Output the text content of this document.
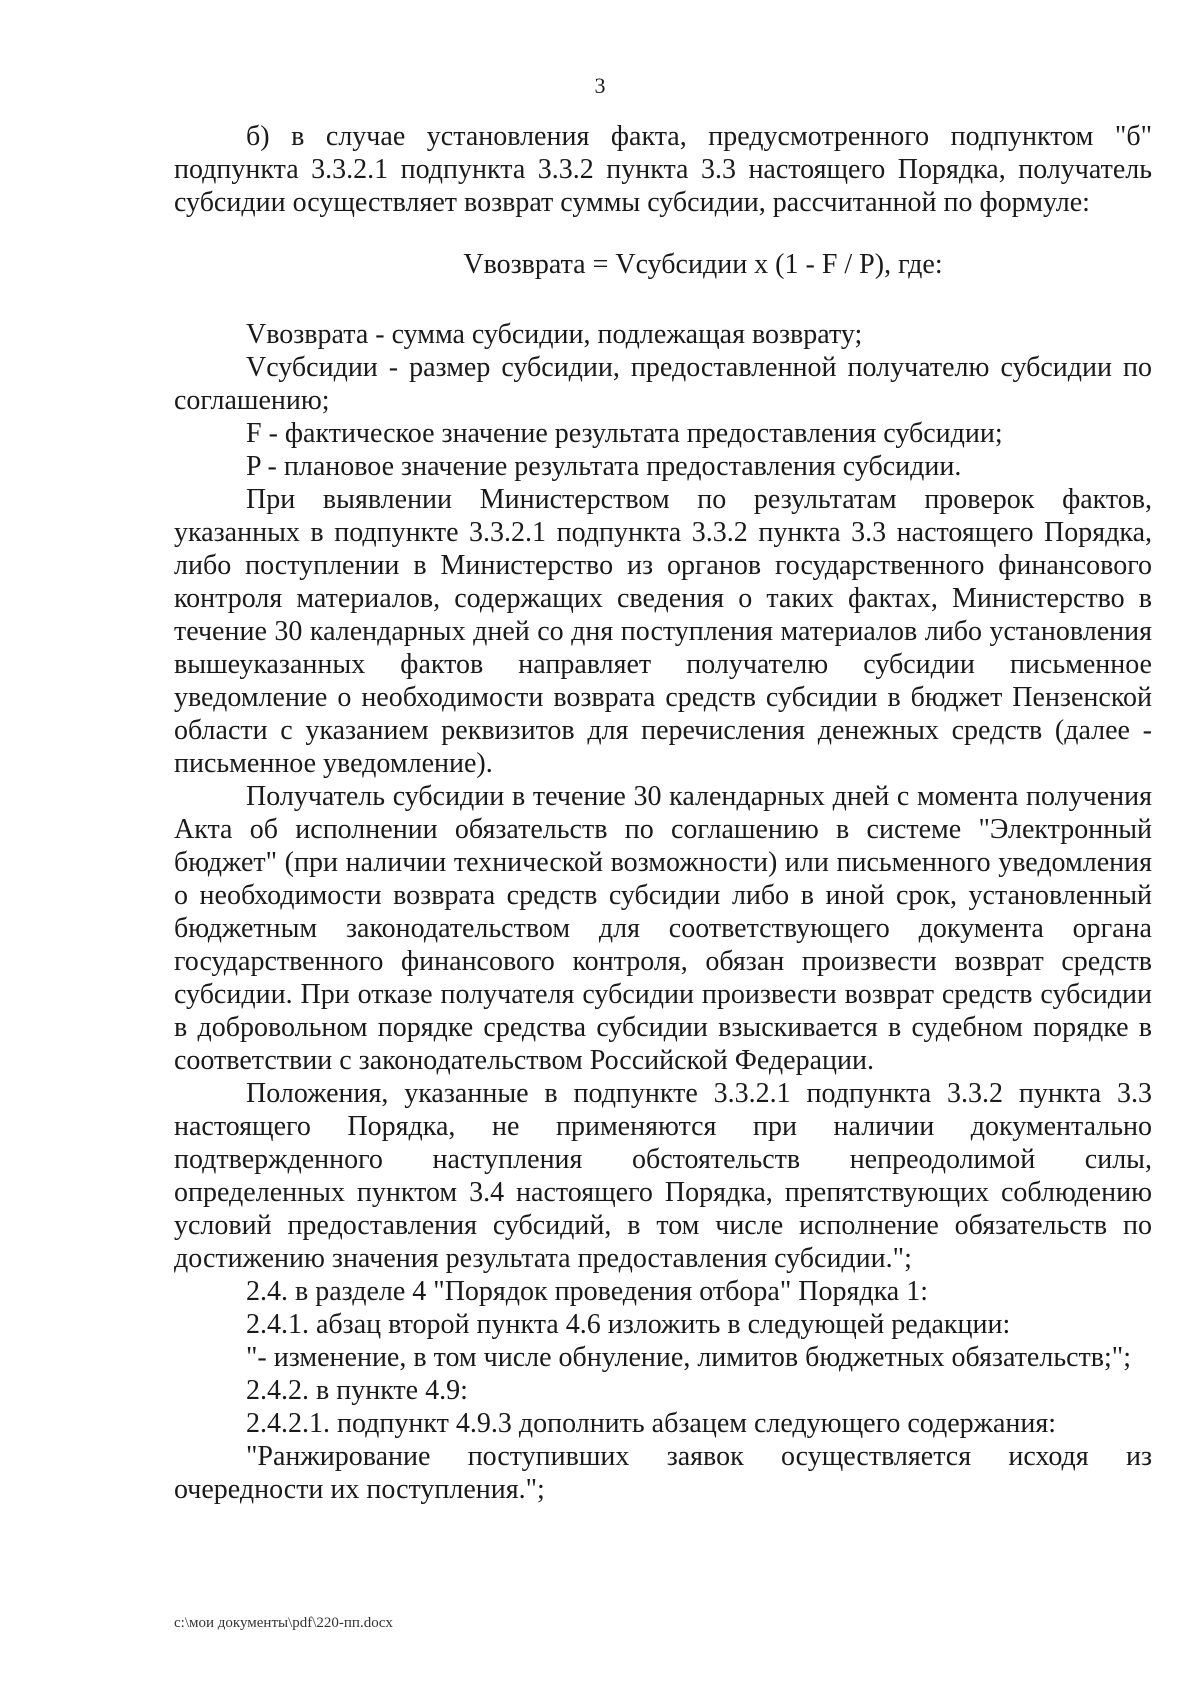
3

б) в случае установления факта, предусмотренного подпунктом "б" подпункта 3.3.2.1 подпункта 3.3.2 пункта 3.3 настоящего Порядка, получатель субсидии осуществляет возврат суммы субсидии, рассчитанной по формуле:

Vвозврата = Vсубсидии x (1 - F / P), где:

Vвозврата - сумма субсидии, подлежащая возврату;

Vсубсидии - размер субсидии, предоставленной получателю субсидии по соглашению;

F - фактическое значение результата предоставления субсидии;

P - плановое значение результата предоставления субсидии.

При выявлении Министерством по результатам проверок фактов, указанных в подпункте 3.3.2.1 подпункта 3.3.2 пункта 3.3 настоящего Порядка, либо поступлении в Министерство из органов государственного финансового контроля материалов, содержащих сведения о таких фактах, Министерство в течение 30 календарных дней со дня поступления материалов либо установления вышеуказанных фактов направляет получателю субсидии письменное уведомление о необходимости возврата средств субсидии в бюджет Пензенской области с указанием реквизитов для перечисления денежных средств (далее - письменное уведомление).

Получатель субсидии в течение 30 календарных дней с момента получения Акта об исполнении обязательств по соглашению в системе "Электронный бюджет" (при наличии технической возможности) или письменного уведомления о необходимости возврата средств субсидии либо в иной срок, установленный бюджетным законодательством для соответствующего документа органа государственного финансового контроля, обязан произвести возврат средств субсидии. При отказе получателя субсидии произвести возврат средств субсидии в добровольном порядке средства субсидии взыскивается в судебном порядке в соответствии с законодательством Российской Федерации.

Положения, указанные в подпункте 3.3.2.1 подпункта 3.3.2 пункта 3.3 настоящего Порядка, не применяются при наличии документально подтвержденного наступления обстоятельств непреодолимой силы, определенных пунктом 3.4 настоящего Порядка, препятствующих соблюдению условий предоставления субсидий, в том числе исполнение обязательств по достижению значения результата предоставления субсидии.";

2.4. в разделе 4 "Порядок проведения отбора" Порядка 1:

2.4.1. абзац второй пункта 4.6 изложить в следующей редакции:

"- изменение, в том числе обнуление, лимитов бюджетных обязательств;";

2.4.2. в пункте 4.9:

2.4.2.1. подпункт 4.9.3 дополнить абзацем следующего содержания:

"Ранжирование поступивших заявок осуществляется исходя из очередности их поступления.";

c:\мои документы\pdf\220-пп.docx
